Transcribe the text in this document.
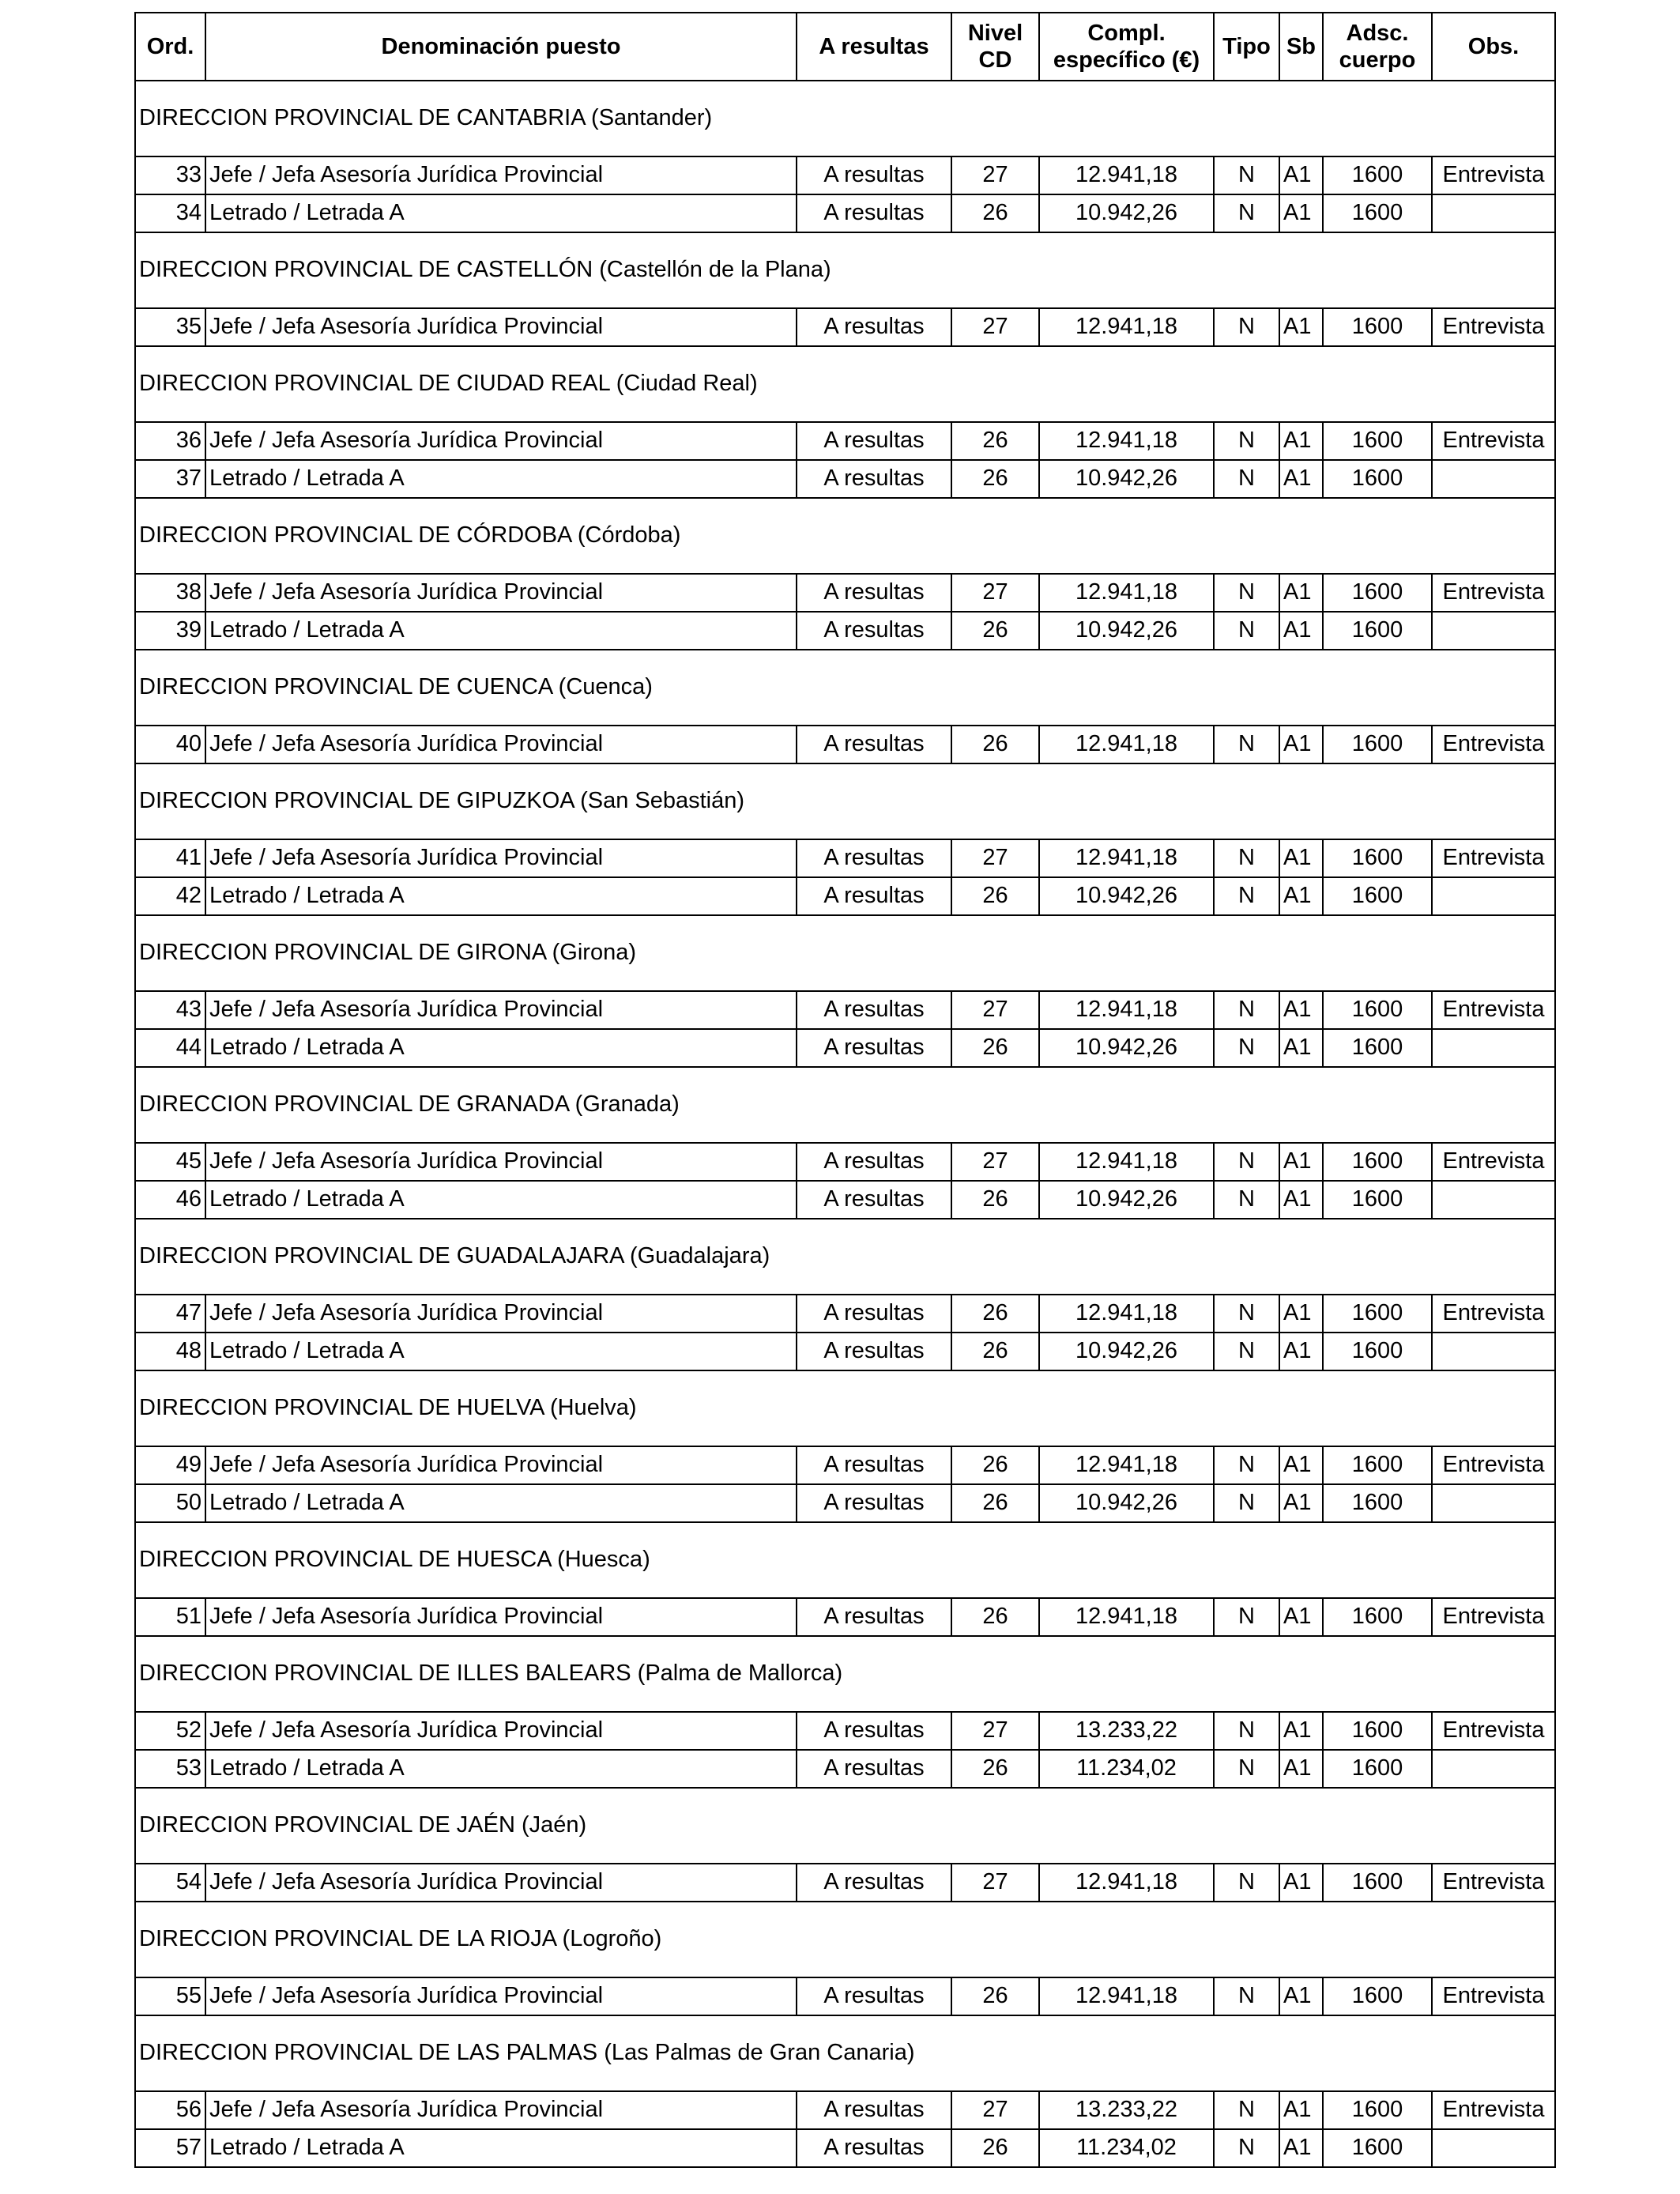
Ord.	Denominación puesto	A resultas	Nivel CD	Compl. específico (€)	Tipo	Sb	Adsc. cuerpo	Obs.
DIRECCION PROVINCIAL DE CANTABRIA (Santander)								
33	Jefe / Jefa Asesoría Jurídica Provincial	A resultas	27	12.941,18	N	A1	1600	Entrevista
34	Letrado / Letrada A	A resultas	26	10.942,26	N	A1	1600	
DIRECCION PROVINCIAL DE CASTELLÓN (Castellón de la Plana)								
35	Jefe / Jefa Asesoría Jurídica Provincial	A resultas	27	12.941,18	N	A1	1600	Entrevista
DIRECCION PROVINCIAL DE CIUDAD REAL (Ciudad Real)								
36	Jefe / Jefa Asesoría Jurídica Provincial	A resultas	26	12.941,18	N	A1	1600	Entrevista
37	Letrado / Letrada A	A resultas	26	10.942,26	N	A1	1600	
DIRECCION PROVINCIAL DE CÓRDOBA (Córdoba)								
38	Jefe / Jefa Asesoría Jurídica Provincial	A resultas	27	12.941,18	N	A1	1600	Entrevista
39	Letrado / Letrada A	A resultas	26	10.942,26	N	A1	1600	
DIRECCION PROVINCIAL DE CUENCA (Cuenca)								
40	Jefe / Jefa Asesoría Jurídica Provincial	A resultas	26	12.941,18	N	A1	1600	Entrevista
DIRECCION PROVINCIAL DE GIPUZKOA (San Sebastián)								
41	Jefe / Jefa Asesoría Jurídica Provincial	A resultas	27	12.941,18	N	A1	1600	Entrevista
42	Letrado / Letrada A	A resultas	26	10.942,26	N	A1	1600	
DIRECCION PROVINCIAL DE GIRONA (Girona)								
43	Jefe / Jefa Asesoría Jurídica Provincial	A resultas	27	12.941,18	N	A1	1600	Entrevista
44	Letrado / Letrada A	A resultas	26	10.942,26	N	A1	1600	
DIRECCION PROVINCIAL DE GRANADA (Granada)								
45	Jefe / Jefa Asesoría Jurídica Provincial	A resultas	27	12.941,18	N	A1	1600	Entrevista
46	Letrado / Letrada A	A resultas	26	10.942,26	N	A1	1600	
DIRECCION PROVINCIAL DE GUADALAJARA (Guadalajara)								
47	Jefe / Jefa Asesoría Jurídica Provincial	A resultas	26	12.941,18	N	A1	1600	Entrevista
48	Letrado / Letrada A	A resultas	26	10.942,26	N	A1	1600	
DIRECCION PROVINCIAL DE HUELVA (Huelva)								
49	Jefe / Jefa Asesoría Jurídica Provincial	A resultas	26	12.941,18	N	A1	1600	Entrevista
50	Letrado / Letrada A	A resultas	26	10.942,26	N	A1	1600	
DIRECCION PROVINCIAL DE HUESCA (Huesca)								
51	Jefe / Jefa Asesoría Jurídica Provincial	A resultas	26	12.941,18	N	A1	1600	Entrevista
DIRECCION PROVINCIAL DE ILLES BALEARS (Palma de Mallorca)								
52	Jefe / Jefa Asesoría Jurídica Provincial	A resultas	27	13.233,22	N	A1	1600	Entrevista
53	Letrado / Letrada A	A resultas	26	11.234,02	N	A1	1600	
DIRECCION PROVINCIAL DE JAÉN (Jaén)								
54	Jefe / Jefa Asesoría Jurídica Provincial	A resultas	27	12.941,18	N	A1	1600	Entrevista
DIRECCION PROVINCIAL DE LA RIOJA (Logroño)								
55	Jefe / Jefa Asesoría Jurídica Provincial	A resultas	26	12.941,18	N	A1	1600	Entrevista
DIRECCION PROVINCIAL DE LAS PALMAS (Las Palmas de Gran Canaria)								
56	Jefe / Jefa Asesoría Jurídica Provincial	A resultas	27	13.233,22	N	A1	1600	Entrevista
57	Letrado / Letrada A	A resultas	26	11.234,02	N	A1	1600	
